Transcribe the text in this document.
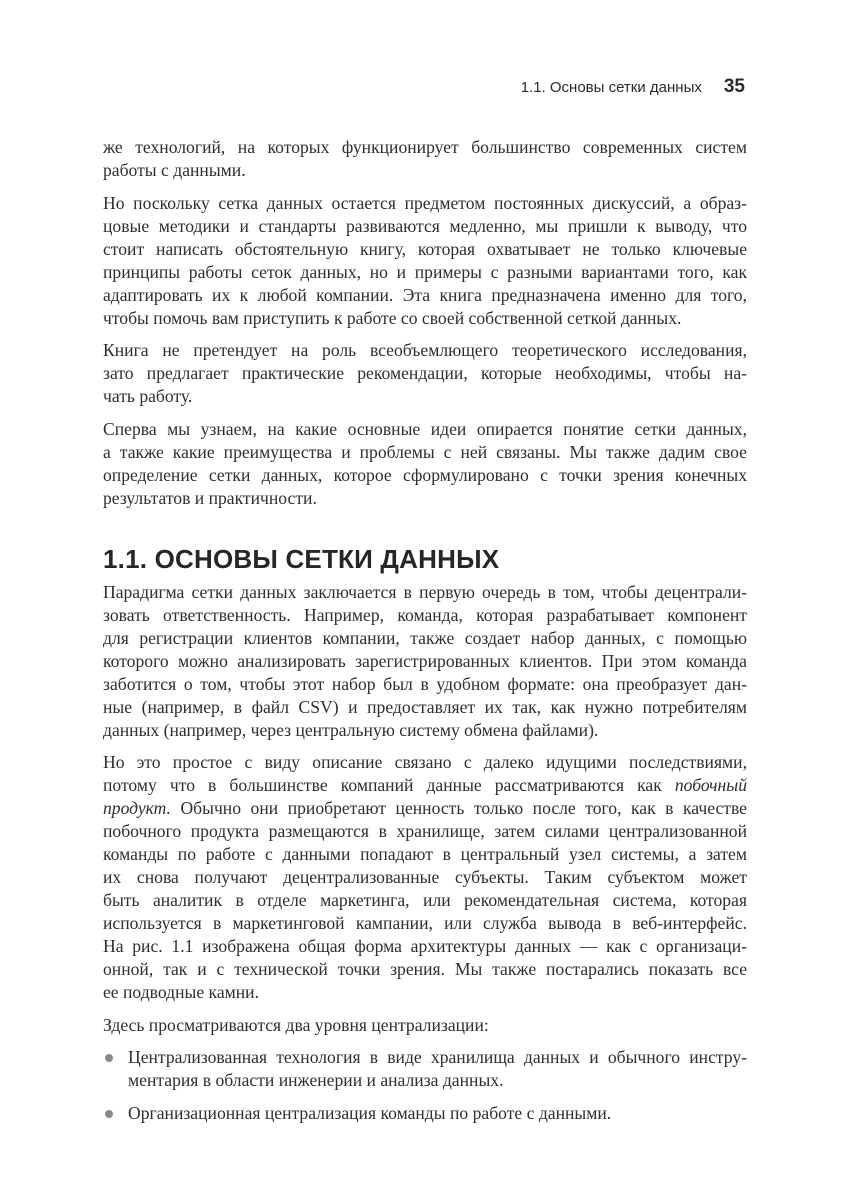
1.1. Основы сетки данных 35
же технологий, на которых функционирует большинство современных систем
работы с данными.
Но поскольку сетка данных остается предметом постоянных дискуссий, а образ-
цовые методики и стандарты развиваются медленно, мы пришли к выводу, что
стоит написать обстоятельную книгу, которая охватывает не только ключевые
принципы работы сеток данных, но и примеры с разными вариантами того, как
адаптировать их к любой компании. Эта книга предназначена именно для того,
чтобы помочь вам приступить к работе со своей собственной сеткой данных.
Книга не претендует на роль всеобъемлющего теоретического исследования,
зато предлагает практические рекомендации, которые необходимы, чтобы на-
чать работу.
Сперва мы узнаем, на какие основные идеи опирается понятие сетки данных,
а также какие преимущества и проблемы с ней связаны. Мы также дадим свое
определение сетки данных, которое сформулировано с точки зрения конечных
результатов и практичности.
1.1. ОСНОВЫ СЕТКИ ДАННЫХ
Парадигма сетки данных заключается в первую очередь в том, чтобы децентрали-
зовать ответственность. Например, команда, которая разрабатывает компонент
для регистрации клиентов компании, также создает набор данных, с помощью
которого можно анализировать зарегистрированных клиентов. При этом команда
заботится о том, чтобы этот набор был в удобном формате: она преобразует дан-
ные (например, в файл CSV) и предоставляет их так, как нужно потребителям
данных (например, через центральную систему обмена файлами).
Но это простое с виду описание связано с далеко идущими последствиями,
потому что в большинстве компаний данные рассматриваются как побочный
продукт. Обычно они приобретают ценность только после того, как в качестве
побочного продукта размещаются в хранилище, затем силами централизованной
команды по работе с данными попадают в центральный узел системы, а затем
их снова получают децентрализованные субъекты. Таким субъектом может
быть аналитик в отделе маркетинга, или рекомендательная система, которая
используется в маркетинговой кампании, или служба вывода в веб-интерфейс.
На рис. 1.1 изображена общая форма архитектуры данных — как с организаци-
онной, так и с технической точки зрения. Мы также постарались показать все
ее подводные камни.
Здесь просматриваются два уровня централизации:
Централизованная технология в виде хранилища данных и обычного инстру-
ментария в области инженерии и анализа данных.
Организационная централизация команды по работе с данными.
